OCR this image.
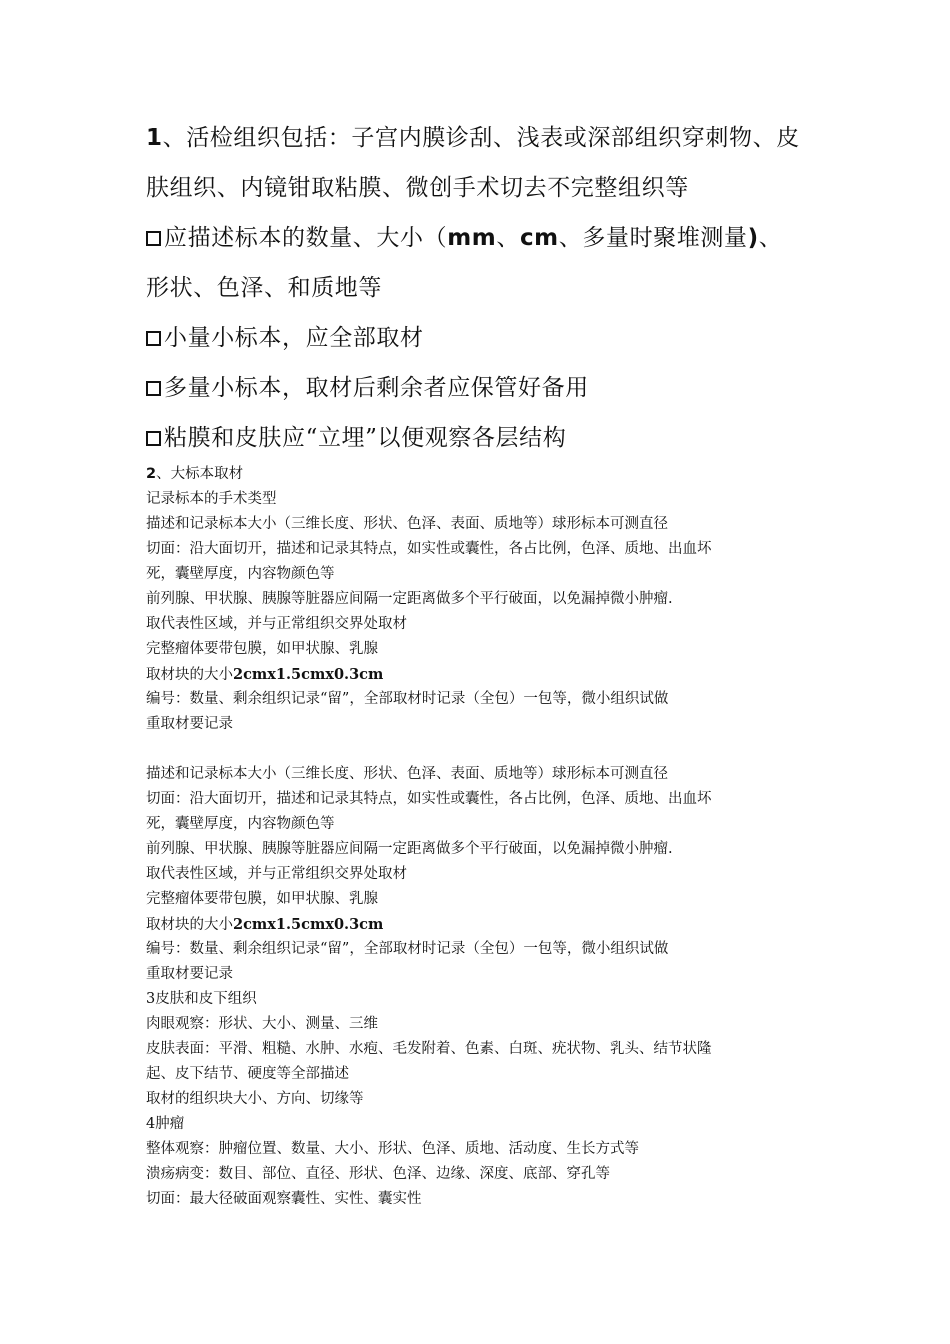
1、活检组织包括：子宫内膜诊刮、浅表或深部组织穿刺物、皮
肤组织、内镜钳取粘膜、微创手术切去不完整组织等
应描述标本的数量、大小（mm、cm、多量时聚堆测量)、
形状、色泽、和质地等
小量小标本，应全部取材
多量小标本，取材后剩余者应保管好备用
粘膜和皮肤应“立埋”以便观察各层结构
2、大标本取材
记录标本的手术类型
描述和记录标本大小（三维长度、形状、色泽、表面、质地等）球形标本可测直径
切面：沿大面切开，描述和记录其特点，如实性或囊性，各占比例，色泽、质地、出血坏
死，囊壁厚度，内容物颜色等
前列腺、甲状腺、胰腺等脏器应间隔一定距离做多个平行破面，以免漏掉微小肿瘤.
取代表性区域，并与正常组织交界处取材
完整瘤体要带包膜，如甲状腺、乳腺
取材块的大小2cmx1.5cmx0.3cm
编号：数量、剩余组织记录“留”，全部取材时记录（全包）一包等，微小组织试做
重取材要记录
描述和记录标本大小（三维长度、形状、色泽、表面、质地等）球形标本可测直径
切面：沿大面切开，描述和记录其特点，如实性或囊性，各占比例，色泽、质地、出血坏
死，囊壁厚度，内容物颜色等
前列腺、甲状腺、胰腺等脏器应间隔一定距离做多个平行破面，以免漏掉微小肿瘤.
取代表性区域，并与正常组织交界处取材
完整瘤体要带包膜，如甲状腺、乳腺
取材块的大小2cmx1.5cmx0.3cm
编号：数量、剩余组织记录“留”，全部取材时记录（全包）一包等，微小组织试做
重取材要记录
3皮肤和皮下组织
肉眼观察：形状、大小、测量、三维
皮肤表面：平滑、粗糙、水肿、水疱、毛发附着、色素、白斑、疣状物、乳头、结节状隆
起、皮下结节、硬度等全部描述
取材的组织块大小、方向、切缘等
4肿瘤
整体观察：肿瘤位置、数量、大小、形状、色泽、质地、活动度、生长方式等
溃疡病变：数目、部位、直径、形状、色泽、边缘、深度、底部、穿孔等
切面：最大径破面观察囊性、实性、囊实性
